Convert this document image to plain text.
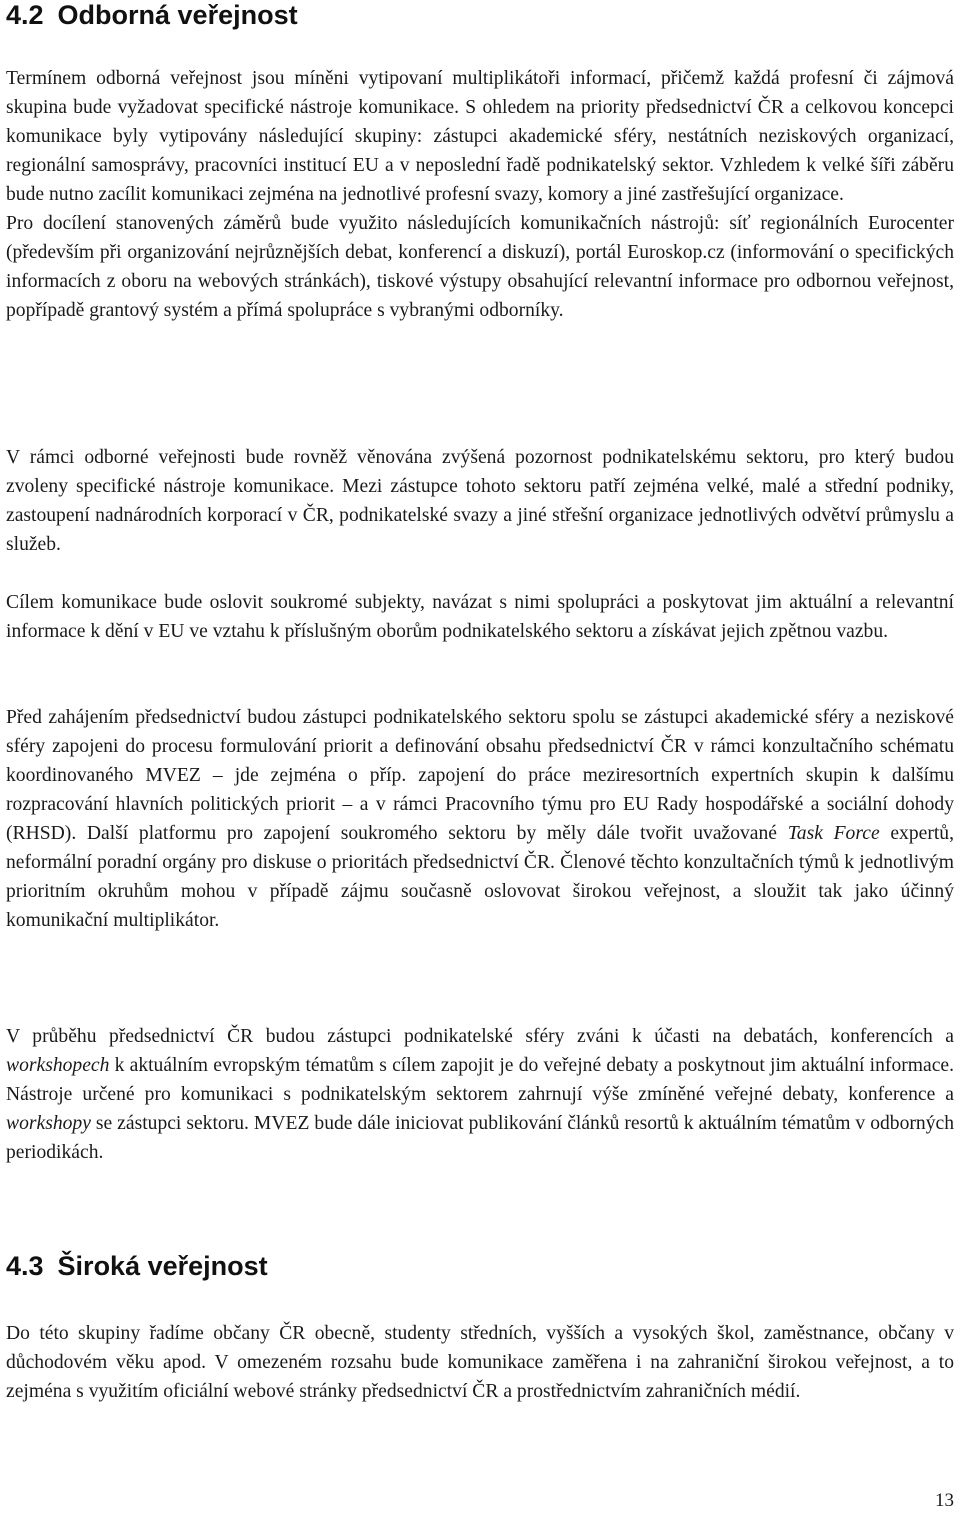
4.2 Odborná veřejnost

Termínem odborná veřejnost jsou míněni vytipovaní multiplikátoři informací, přičemž každá profesní či zájmová skupina bude vyžadovat specifické nástroje komunikace. S ohledem na priority předsednictví ČR a celkovou koncepci komunikace byly vytipovány následující skupiny: zástupci akademické sféry, nestátních neziskových organizací, regionální samosprávy, pracovníci institucí EU a v neposlední řadě podnikatelský sektor. Vzhledem k velké šíři záběru bude nutno zacílit komunikaci zejména na jednotlivé profesní svazy, komory a jiné zastřešující organizace.

Pro docílení stanovených záměrů bude využito následujících komunikačních nástrojů: síť regionálních Eurocenter (především při organizování nejrůznějších debat, konferencí a diskuzí), portál Euroskop.cz (informování o specifických informacích z oboru na webových stránkách), tiskové výstupy obsahující relevantní informace pro odbornou veřejnost, popřípadě grantový systém a přímá spolupráce s vybranými odborníky.

V rámci odborné veřejnosti bude rovněž věnována zvýšená pozornost podnikatelskému sektoru, pro který budou zvoleny specifické nástroje komunikace. Mezi zástupce tohoto sektoru patří zejména velké, malé a střední podniky, zastoupení nadnárodních korporací v ČR, podnikatelské svazy a jiné střešní organizace jednotlivých odvětví průmyslu a služeb.

Cílem komunikace bude oslovit soukromé subjekty, navázat s nimi spolupráci a poskytovat jim aktuální a relevantní informace k dění v EU ve vztahu k příslušným oborům podnikatelského sektoru a získávat jejich zpětnou vazbu.

Před zahájením předsednictví budou zástupci podnikatelského sektoru spolu se zástupci akademické sféry a neziskové sféry zapojeni do procesu formulování priorit a definování obsahu předsednictví ČR v rámci konzultačního schématu koordinovaného MVEZ – jde zejména o příp. zapojení do práce meziresortních expertních skupin k dalšímu rozpracování hlavních politických priorit – a v rámci Pracovního týmu pro EU Rady hospodářské a sociální dohody (RHSD). Další platformu pro zapojení soukromého sektoru by měly dále tvořit uvažované Task Force expertů, neformální poradní orgány pro diskuse o prioritách předsednictví ČR. Členové těchto konzultačních týmů k jednotlivým prioritním okruhům mohou v případě zájmu současně oslovovat širokou veřejnost, a sloužit tak jako účinný komunikační multiplikátor.

V průběhu předsednictví ČR budou zástupci podnikatelské sféry zváni k účasti na debatách, konferencích a workshopech k aktuálním evropským tématům s cílem zapojit je do veřejné debaty a poskytnout jim aktuální informace. Nástroje určené pro komunikaci s podnikatelským sektorem zahrnují výše zmíněné veřejné debaty, konference a workshopy se zástupci sektoru. MVEZ bude dále iniciovat publikování článků resortů k aktuálním tématům v odborných periodikách.

4.3 Široká veřejnost

Do této skupiny řadíme občany ČR obecně, studenty středních, vyšších a vysokých škol, zaměstnance, občany v důchodovém věku apod. V omezeném rozsahu bude komunikace zaměřena i na zahraniční širokou veřejnost, a to zejména s využitím oficiální webové stránky předsednictví ČR a prostřednictvím zahraničních médií.

13
